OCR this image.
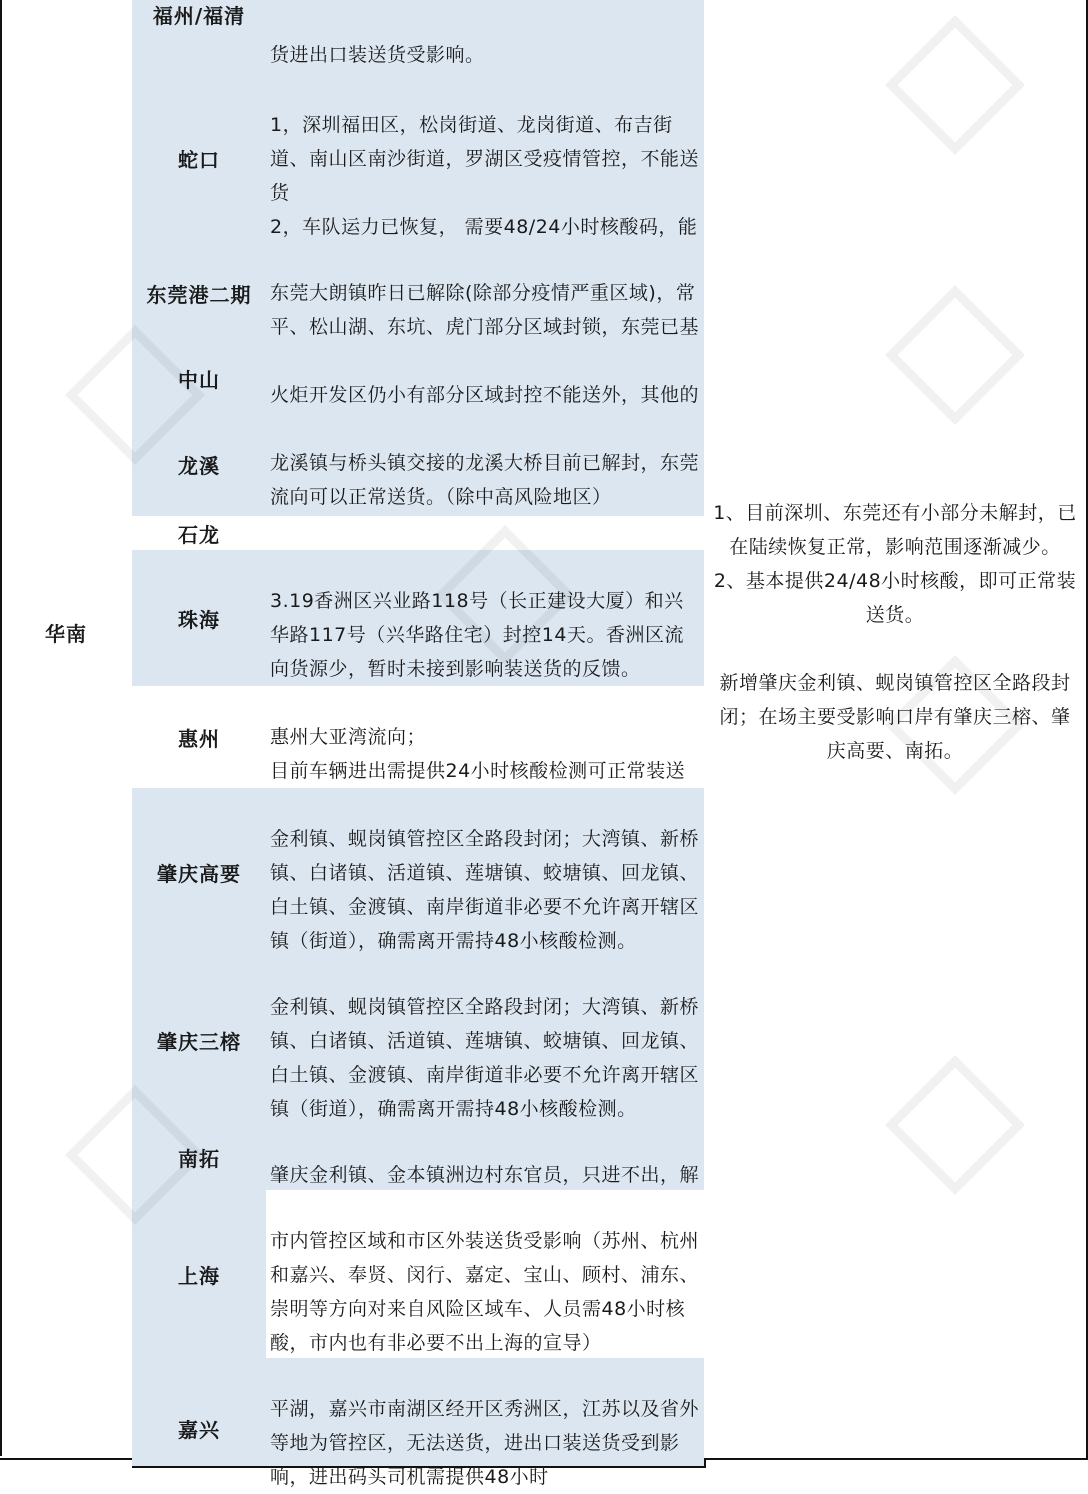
华南
福州/福清

货进出口装送货受影响。

蛇口

1，深圳福田区，松岗街道、龙岗街道、布吉街道、南山区南沙街道，罗湖区受疫情管控，不能送货
2，车队运力已恢复， 需要48/24小时核酸码，能
东莞港二期 东莞大朗镇昨日已解除(除部分疫情严重区域)，常平、松山湖、东坑、虎门部分区域封锁，东莞已基
中山

火炬开发区仍小有部分区域封控不能送外，其他的
龙溪	龙溪镇与桥头镇交接的龙溪大桥目前已解封，东莞流向可以正常送货。（除中高风险地区）
石龙

珠海

3.19香洲区兴业路118号（长正建设大厦）和兴华路117号（兴华路住宅）封控14天。香洲区流向货源少，暂时未接到影响装送货的反馈。
惠州	惠州大亚湾流向；
目前车辆进出需提供24小时核酸检测可正常装送
肇庆高要

金利镇、蚬岗镇管控区全路段封闭；大湾镇、新桥镇、白诸镇、活道镇、莲塘镇、蛟塘镇、回龙镇、白土镇、金渡镇、南岸街道非必要不允许离开辖区镇（街道），确需离开需持48小核酸检测。
肇庆三榕

金利镇、蚬岗镇管控区全路段封闭；大湾镇、新桥镇、白诸镇、活道镇、莲塘镇、蛟塘镇、回龙镇、白土镇、金渡镇、南岸街道非必要不允许离开辖区镇（街道），确需离开需持48小核酸检测。
南拓

肇庆金利镇、金本镇洲边村东官员，只进不出，解
1、目前深圳、东莞还有小部分未解封，已在陆续恢复正常，影响范围逐渐减少。
2、基本提供24/48小时核酸，即可正常装送货。

新增肇庆金利镇、蚬岗镇管控区全路段封闭；在场主要受影响口岸有肇庆三榕、肇庆高要、南拓。
上海

市内管控区域和市区外装送货受影响（苏州、杭州和嘉兴、奉贤、闵行、嘉定、宝山、顾村、浦东、崇明等方向对来自风险区域车、人员需48小时核酸，市内也有非必要不出上海的宣导）
嘉兴

平湖，嘉兴市南湖区经开区秀洲区，江苏以及省外等地为管控区，无法送货，进出口装送货受到影响，进出码头司机需提供48小时
